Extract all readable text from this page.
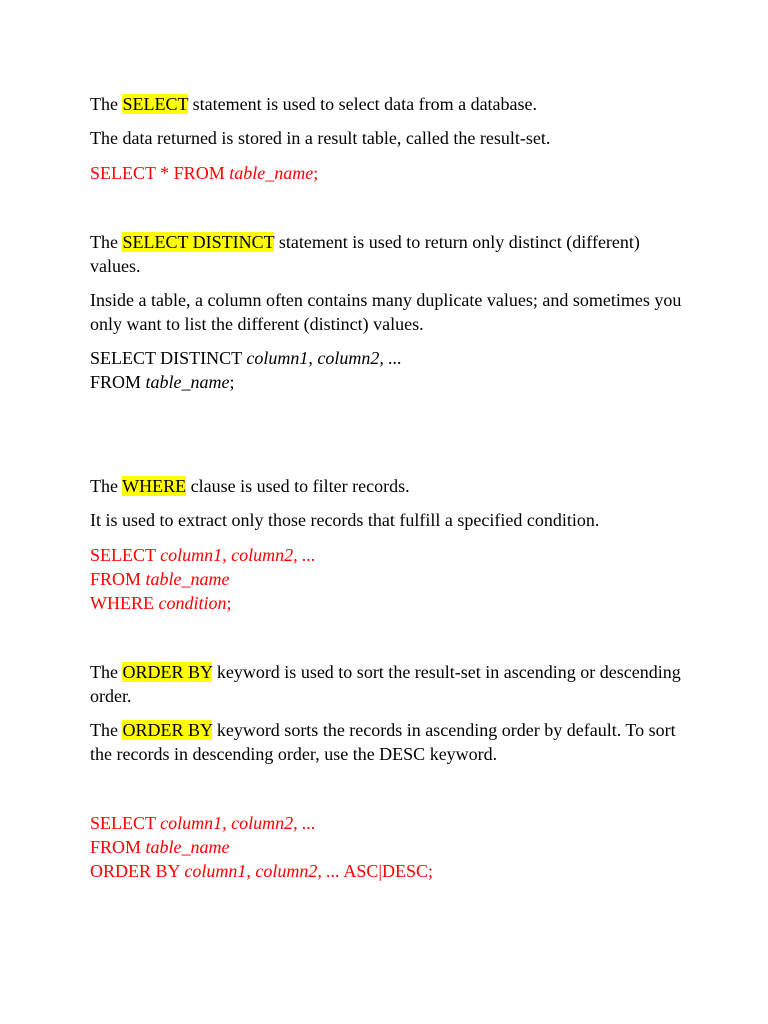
The SELECT statement is used to select data from a database.

The data returned is stored in a result table, called the result-set.

SELECT * FROM table_name;

The SELECT DISTINCT statement is used to return only distinct (different) values.

Inside a table, a column often contains many duplicate values; and sometimes you only want to list the different (distinct) values.

SELECT DISTINCT column1, column2, ...
FROM table_name;

The WHERE clause is used to filter records.

It is used to extract only those records that fulfill a specified condition.

SELECT column1, column2, ...
FROM table_name
WHERE condition;

The ORDER BY keyword is used to sort the result-set in ascending or descending order.

The ORDER BY keyword sorts the records in ascending order by default. To sort the records in descending order, use the DESC keyword.

SELECT column1, column2, ...
FROM table_name
ORDER BY column1, column2, ... ASC|DESC;
